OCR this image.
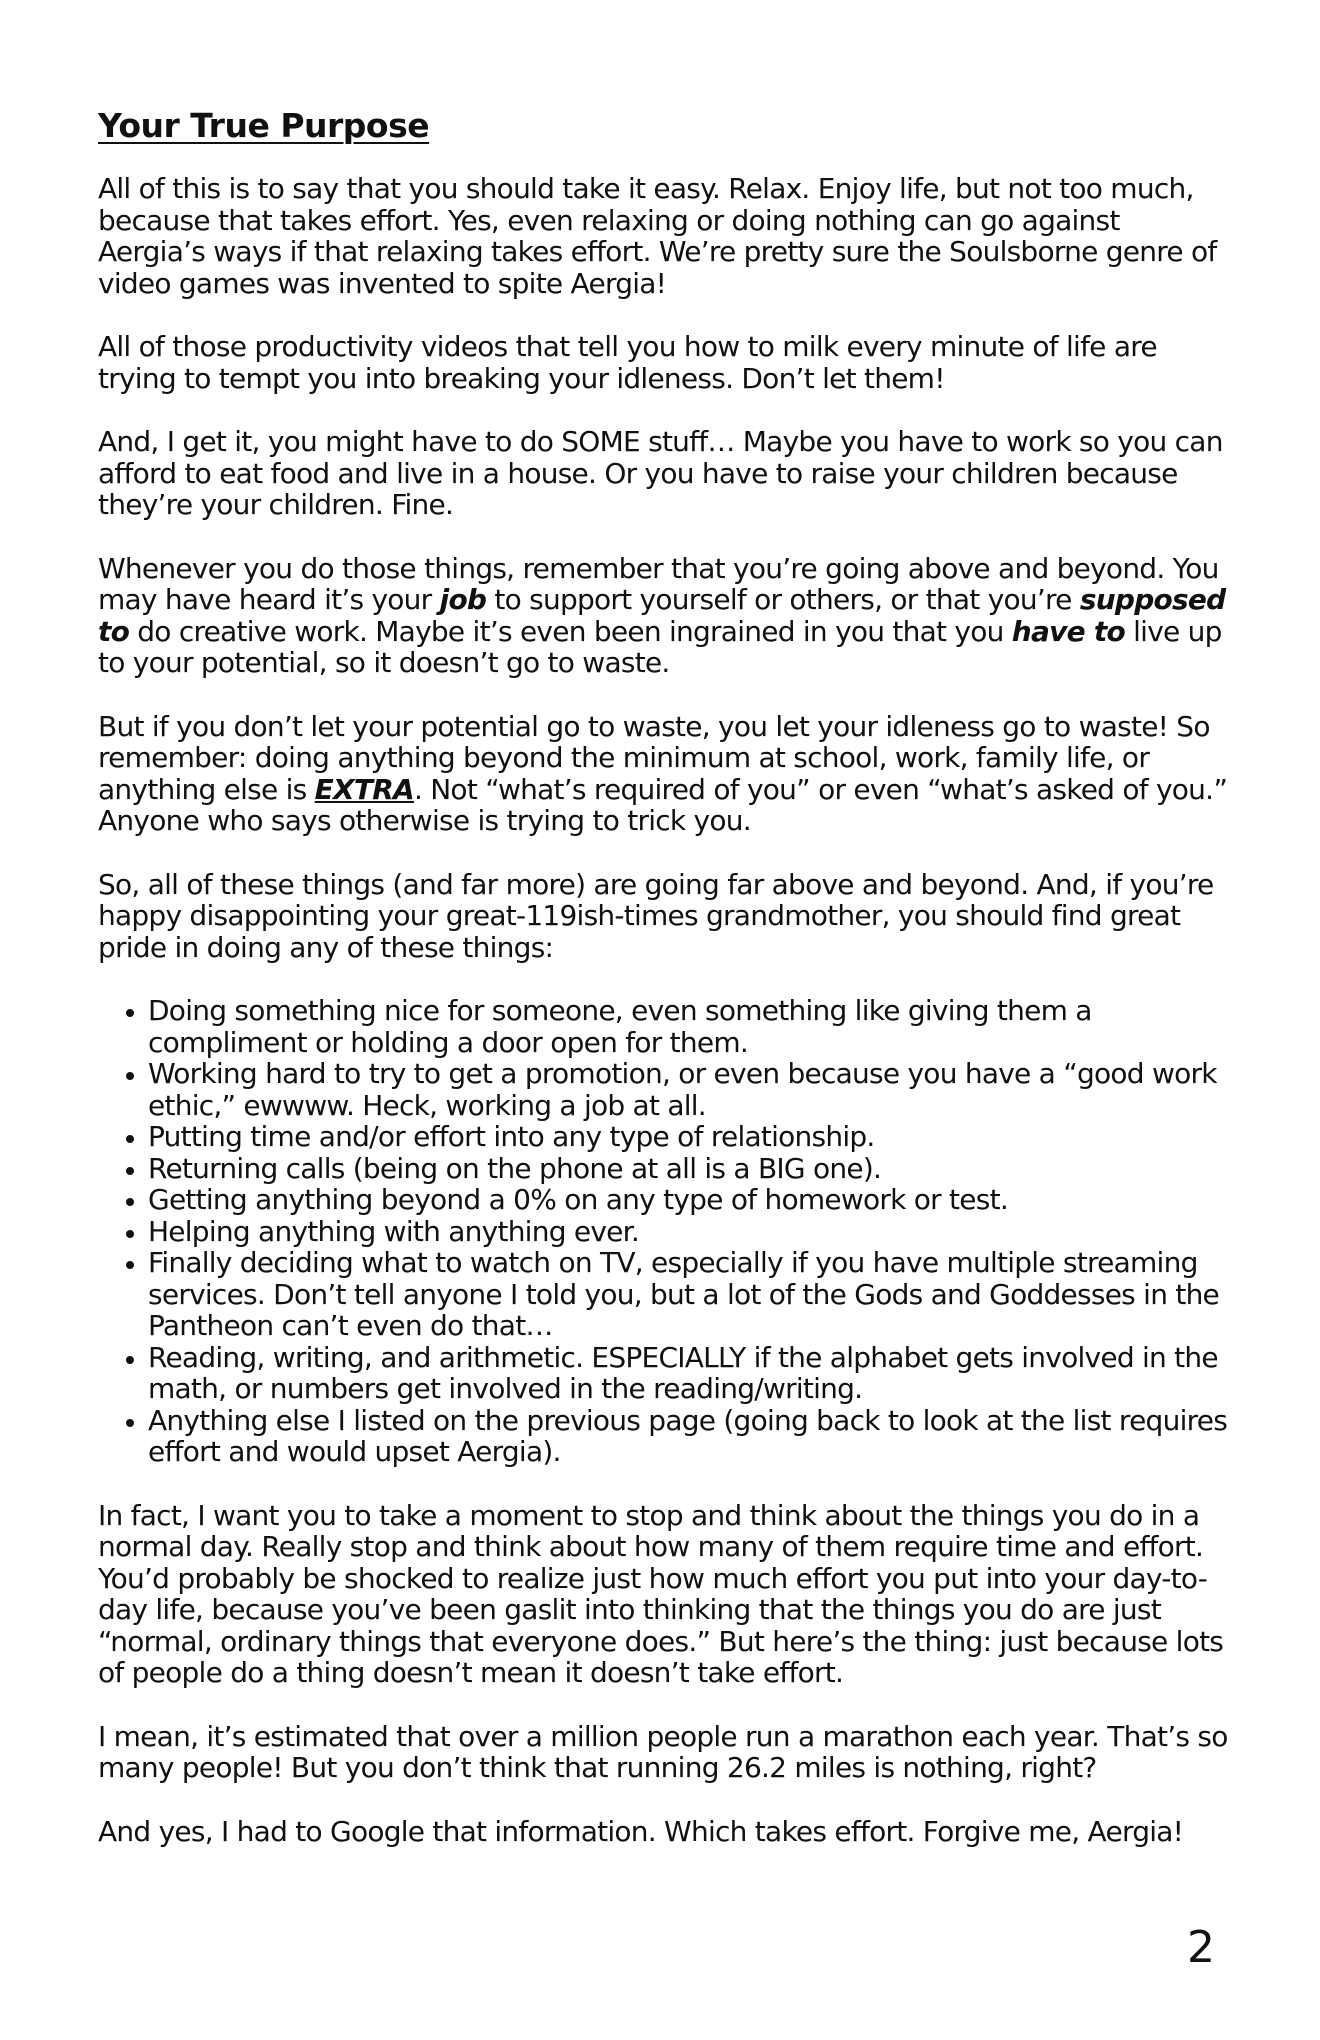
Your True Purpose

All of this is to say that you should take it easy. Relax. Enjoy life, but not too much, because that takes effort. Yes, even relaxing or doing nothing can go against Aergia’s ways if that relaxing takes effort. We’re pretty sure the Soulsborne genre of video games was invented to spite Aergia!

All of those productivity videos that tell you how to milk every minute of life are trying to tempt you into breaking your idleness. Don’t let them!

And, I get it, you might have to do SOME stuff… Maybe you have to work so you can afford to eat food and live in a house. Or you have to raise your children because they’re your children. Fine.

Whenever you do those things, remember that you’re going above and beyond. You may have heard it’s your job to support yourself or others, or that you’re supposed to do creative work. Maybe it’s even been ingrained in you that you have to live up to your potential, so it doesn’t go to waste.

But if you don’t let your potential go to waste, you let your idleness go to waste! So remember: doing anything beyond the minimum at school, work, family life, or anything else is EXTRA. Not “what’s required of you” or even “what’s asked of you.” Anyone who says otherwise is trying to trick you.

So, all of these things (and far more) are going far above and beyond. And, if you’re happy disappointing your great-119ish-times grandmother, you should find great pride in doing any of these things:

• Doing something nice for someone, even something like giving them a compliment or holding a door open for them.
• Working hard to try to get a promotion, or even because you have a “good work ethic,” ewwww. Heck, working a job at all.
• Putting time and/or effort into any type of relationship.
• Returning calls (being on the phone at all is a BIG one).
• Getting anything beyond a 0% on any type of homework or test.
• Helping anything with anything ever.
• Finally deciding what to watch on TV, especially if you have multiple streaming services. Don’t tell anyone I told you, but a lot of the Gods and Goddesses in the Pantheon can’t even do that…
• Reading, writing, and arithmetic. ESPECIALLY if the alphabet gets involved in the math, or numbers get involved in the reading/writing.
• Anything else I listed on the previous page (going back to look at the list requires effort and would upset Aergia).

In fact, I want you to take a moment to stop and think about the things you do in a normal day. Really stop and think about how many of them require time and effort. You’d probably be shocked to realize just how much effort you put into your day-to-day life, because you’ve been gaslit into thinking that the things you do are just “normal, ordinary things that everyone does.” But here’s the thing: just because lots of people do a thing doesn’t mean it doesn’t take effort.

I mean, it’s estimated that over a million people run a marathon each year. That’s so many people! But you don’t think that running 26.2 miles is nothing, right?

And yes, I had to Google that information. Which takes effort. Forgive me, Aergia!

2
